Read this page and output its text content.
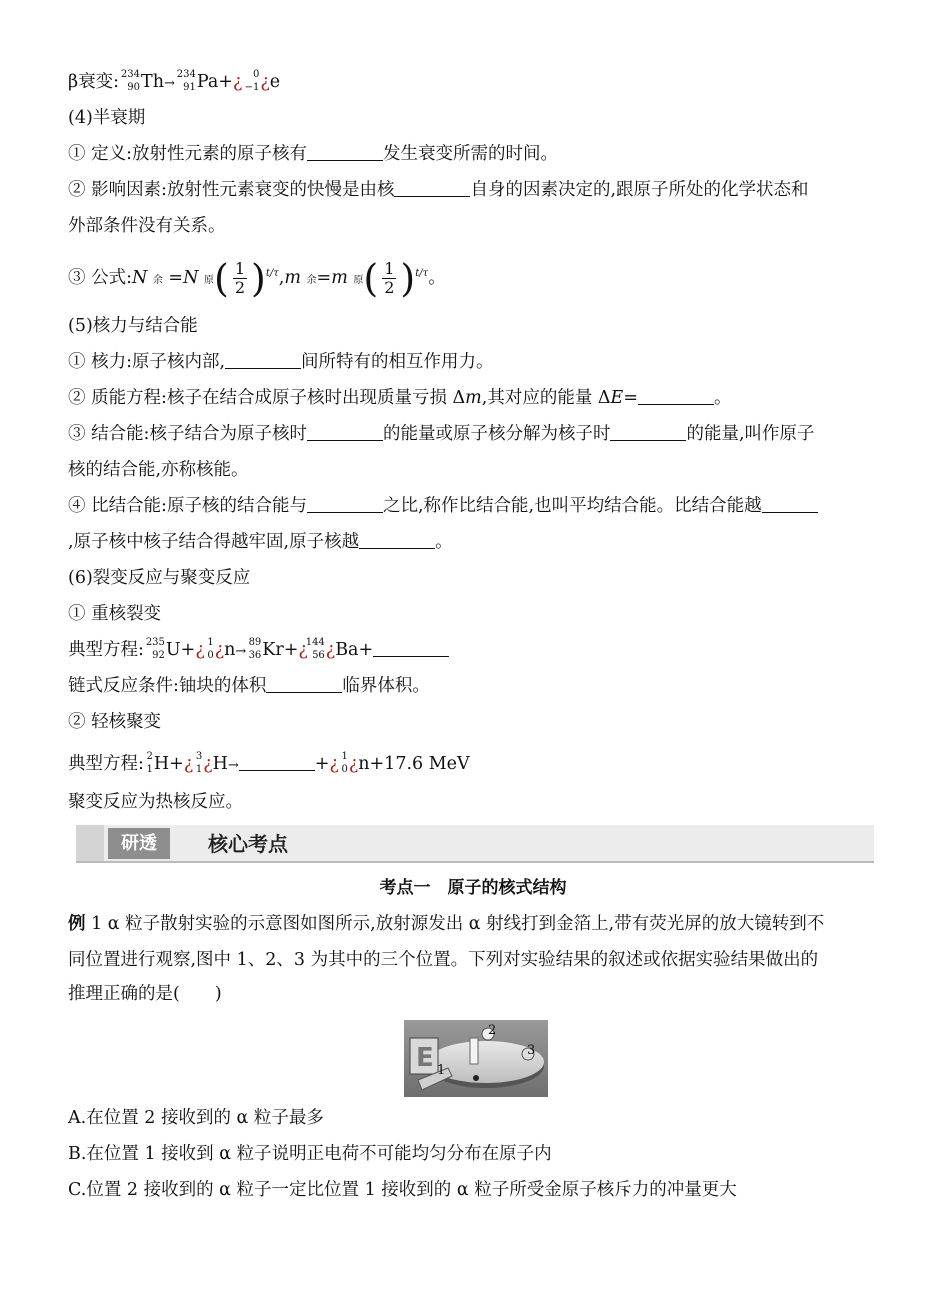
β衰变: 234
90 Th→
234
91 Pa+¿ 0
−1 ¿e
(4)半衰期
① 定义:放射性元素的原子核有	发生衰变所需的时间。
② 影响因素:放射性元素衰变的快慢是由核	自身的因素决定的,跟原子所处的化学状态和
外部条件没有关系。
③ 公式:N 余 =N 原( $\frac{1}{2} )^{t/\tau},m$ 余=m 原( $\frac{1}{2} )^{t/\tau}$。
(5)核力与结合能
① 核力:原子核内部,	间所特有的相互作用力。
② 质能方程:核子在结合成原子核时出现质量亏损 Δm,其对应的能量 ΔE=	。
③ 结合能:核子结合为原子核时	的能量或原子核分解为核子时	的能量,叫作原子
核的结合能,亦称核能。
④ 比结合能:原子核的结合能与	之比,称作比结合能,也叫平均结合能。比结合能越
,原子核中核子结合得越牢固,原子核越	。
(6)裂变反应与聚变反应
① 重核裂变
典型方程: 235
92 U+¿ 1
0 ¿n→
89
36 Kr+¿
144
56 ¿Ba+
链式反应条件:铀块的体积	临界体积。
② 轻核聚变
典型方程: 2
1 H+¿ 3
1 ¿H→	+¿ 1
0 ¿n+17.6 MeV
聚变反应为热核反应。
考点一　原子的核式结构
例 1 α 粒子散射实验的示意图如图所示,放射源发出 α 射线打到金箔上,带有荧光屏的放大镜转到不
同位置进行观察,图中 1、2、3 为其中的三个位置。下列对实验结果的叙述或依据实验结果做出的
推理正确的是(　　)
A.在位置 2 接收到的 α 粒子最多
B.在位置 1 接收到 α 粒子说明正电荷不可能均匀分布在原子内
C.位置 2 接收到的 α 粒子一定比位置 1 接收到的 α 粒子所受金原子核斥力的冲量更大
研透	核心考点
E 1
2
3
